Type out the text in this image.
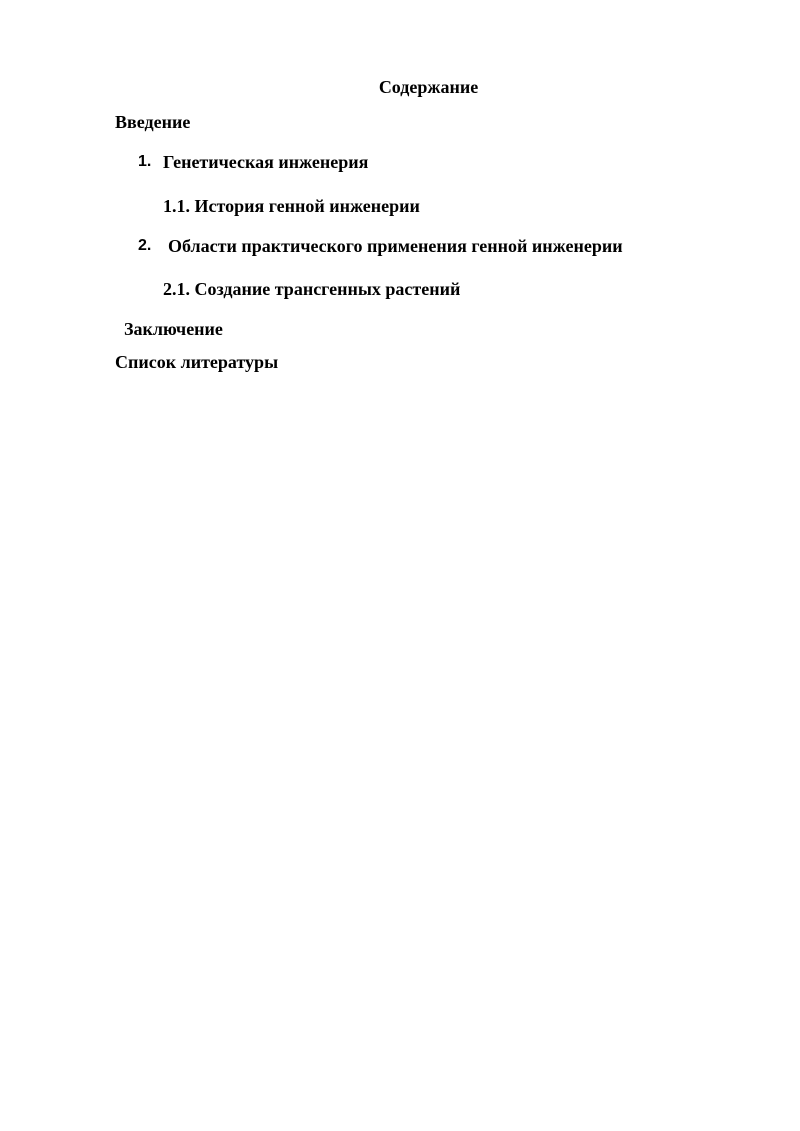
Содержание
Введение
1. Генетическая инженерия
1.1. История генной инженерии
2. Области практического применения генной инженерии
2.1. Создание трансгенных растений
Заключение
Список литературы
